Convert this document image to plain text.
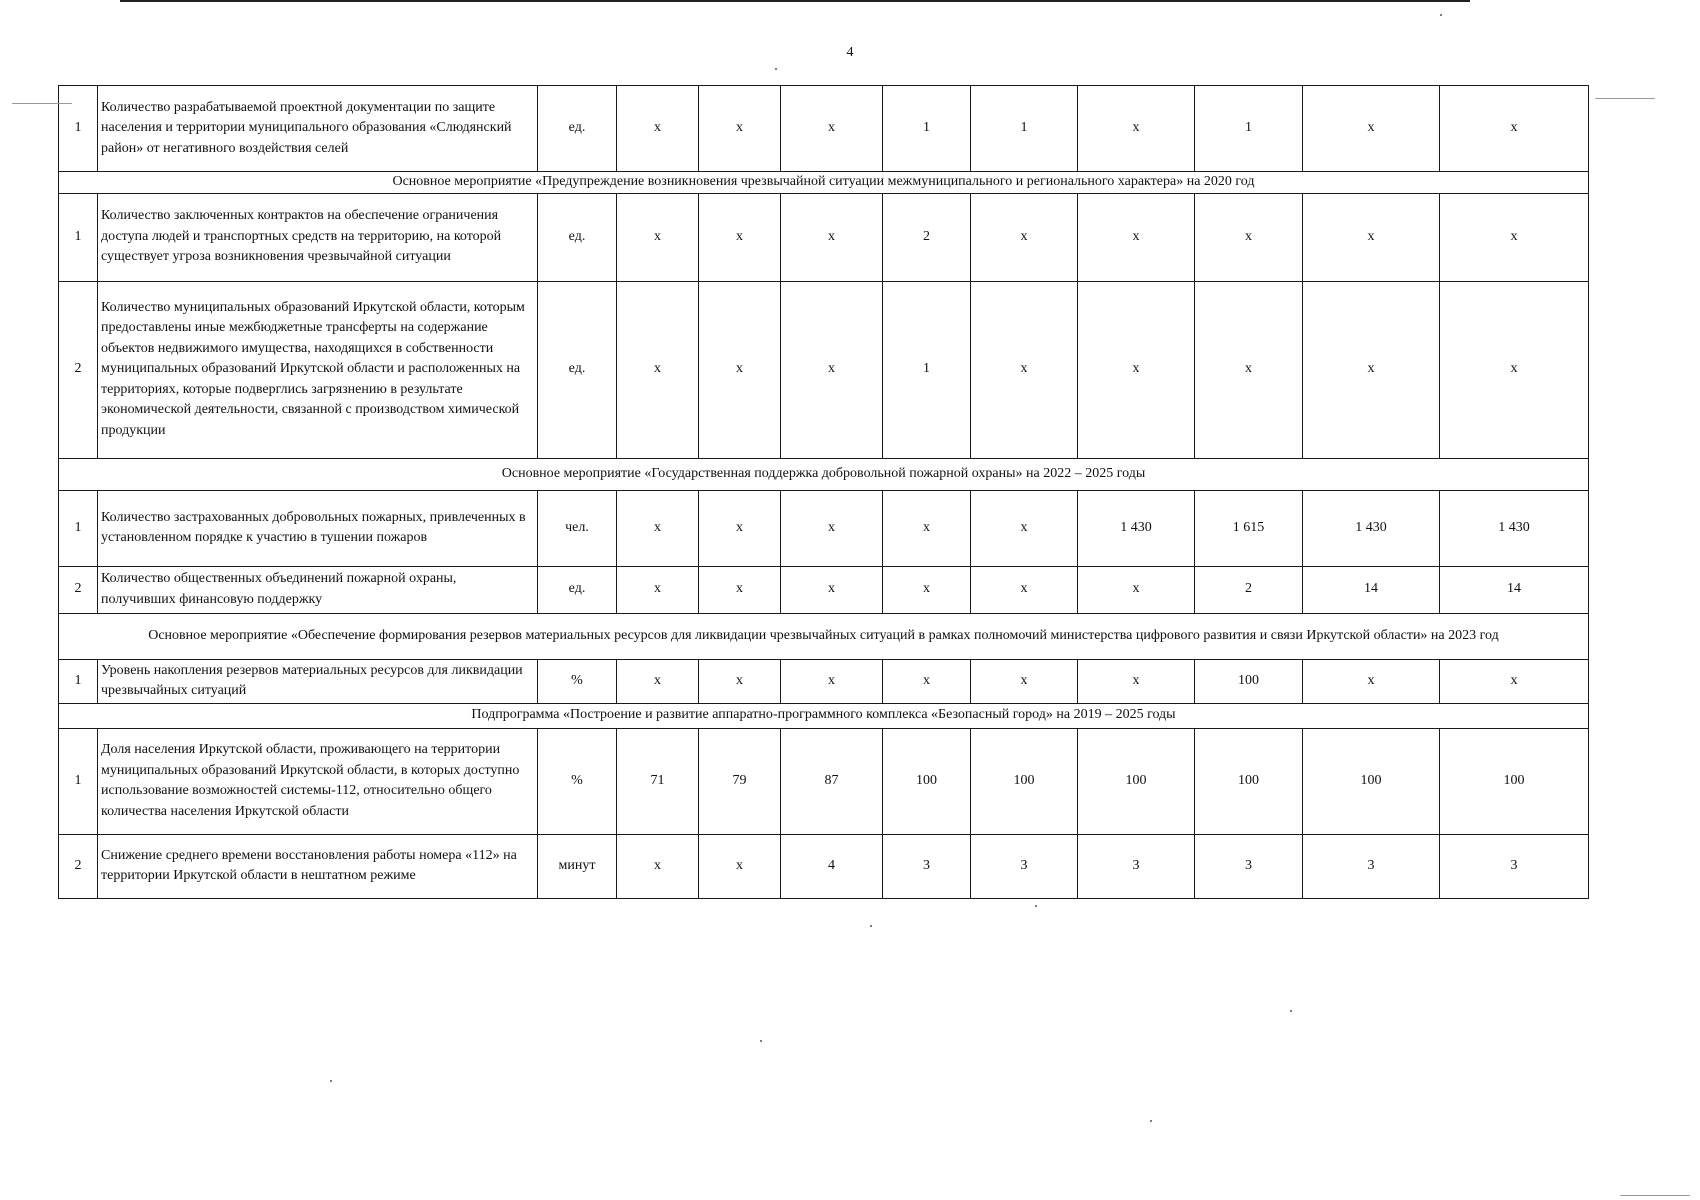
4
1	Количество разрабатываемой проектной документации по защите населения и территории муниципального образования «Слюдянский район» от негативного воздействия селей	ед.	х	х	х	1	1	х	1	х	х
Основное мероприятие «Предупреждение возникновения чрезвычайной ситуации межмуниципального и регионального характера» на 2020 год											
1	Количество заключенных контрактов на обеспечение ограничения доступа людей и транспортных средств на территорию, на которой существует угроза возникновения чрезвычайной ситуации	ед.	х	х	х	2	х	х	х	х	х
2	Количество муниципальных образований Иркутской области, которым предоставлены иные межбюджетные трансферты на содержание объектов недвижимого имущества, находящихся в собственности муниципальных образований Иркутской области и расположенных на территориях, которые подверглись загрязнению в результате экономической деятельности, связанной с производством химической продукции	ед.	х	х	х	1	х	х	х	х	х
Основное мероприятие «Государственная поддержка добровольной пожарной охраны» на 2022 – 2025 годы											
1	Количество застрахованных добровольных пожарных, привлеченных в установленном порядке к участию в тушении пожаров	чел.	х	х	х	х	х	1 430	1 615	1 430	1 430
2	Количество общественных объединений пожарной охраны, получивших финансовую поддержку	ед.	х	х	х	х	х	х	2	14	14
Основное мероприятие «Обеспечение формирования резервов материальных ресурсов для ликвидации чрезвычайных ситуаций в рамках полномочий министерства цифрового развития и связи Иркутской области» на 2023 год											
1	Уровень накопления резервов материальных ресурсов для ликвидации чрезвычайных ситуаций	%	х	х	х	х	х	х	100	х	х
Подпрограмма «Построение и развитие аппаратно-программного комплекса «Безопасный город» на 2019 – 2025 годы											
1	Доля населения Иркутской области, проживающего на территории муниципальных образований Иркутской области, в которых доступно использование возможностей системы-112, относительно общего количества населения Иркутской области	%	71	79	87	100	100	100	100	100	100
2	Снижение среднего времени восстановления работы номера «112» на территории Иркутской области в нештатном режиме	минут	х	х	4	3	3	3	3	3	3
